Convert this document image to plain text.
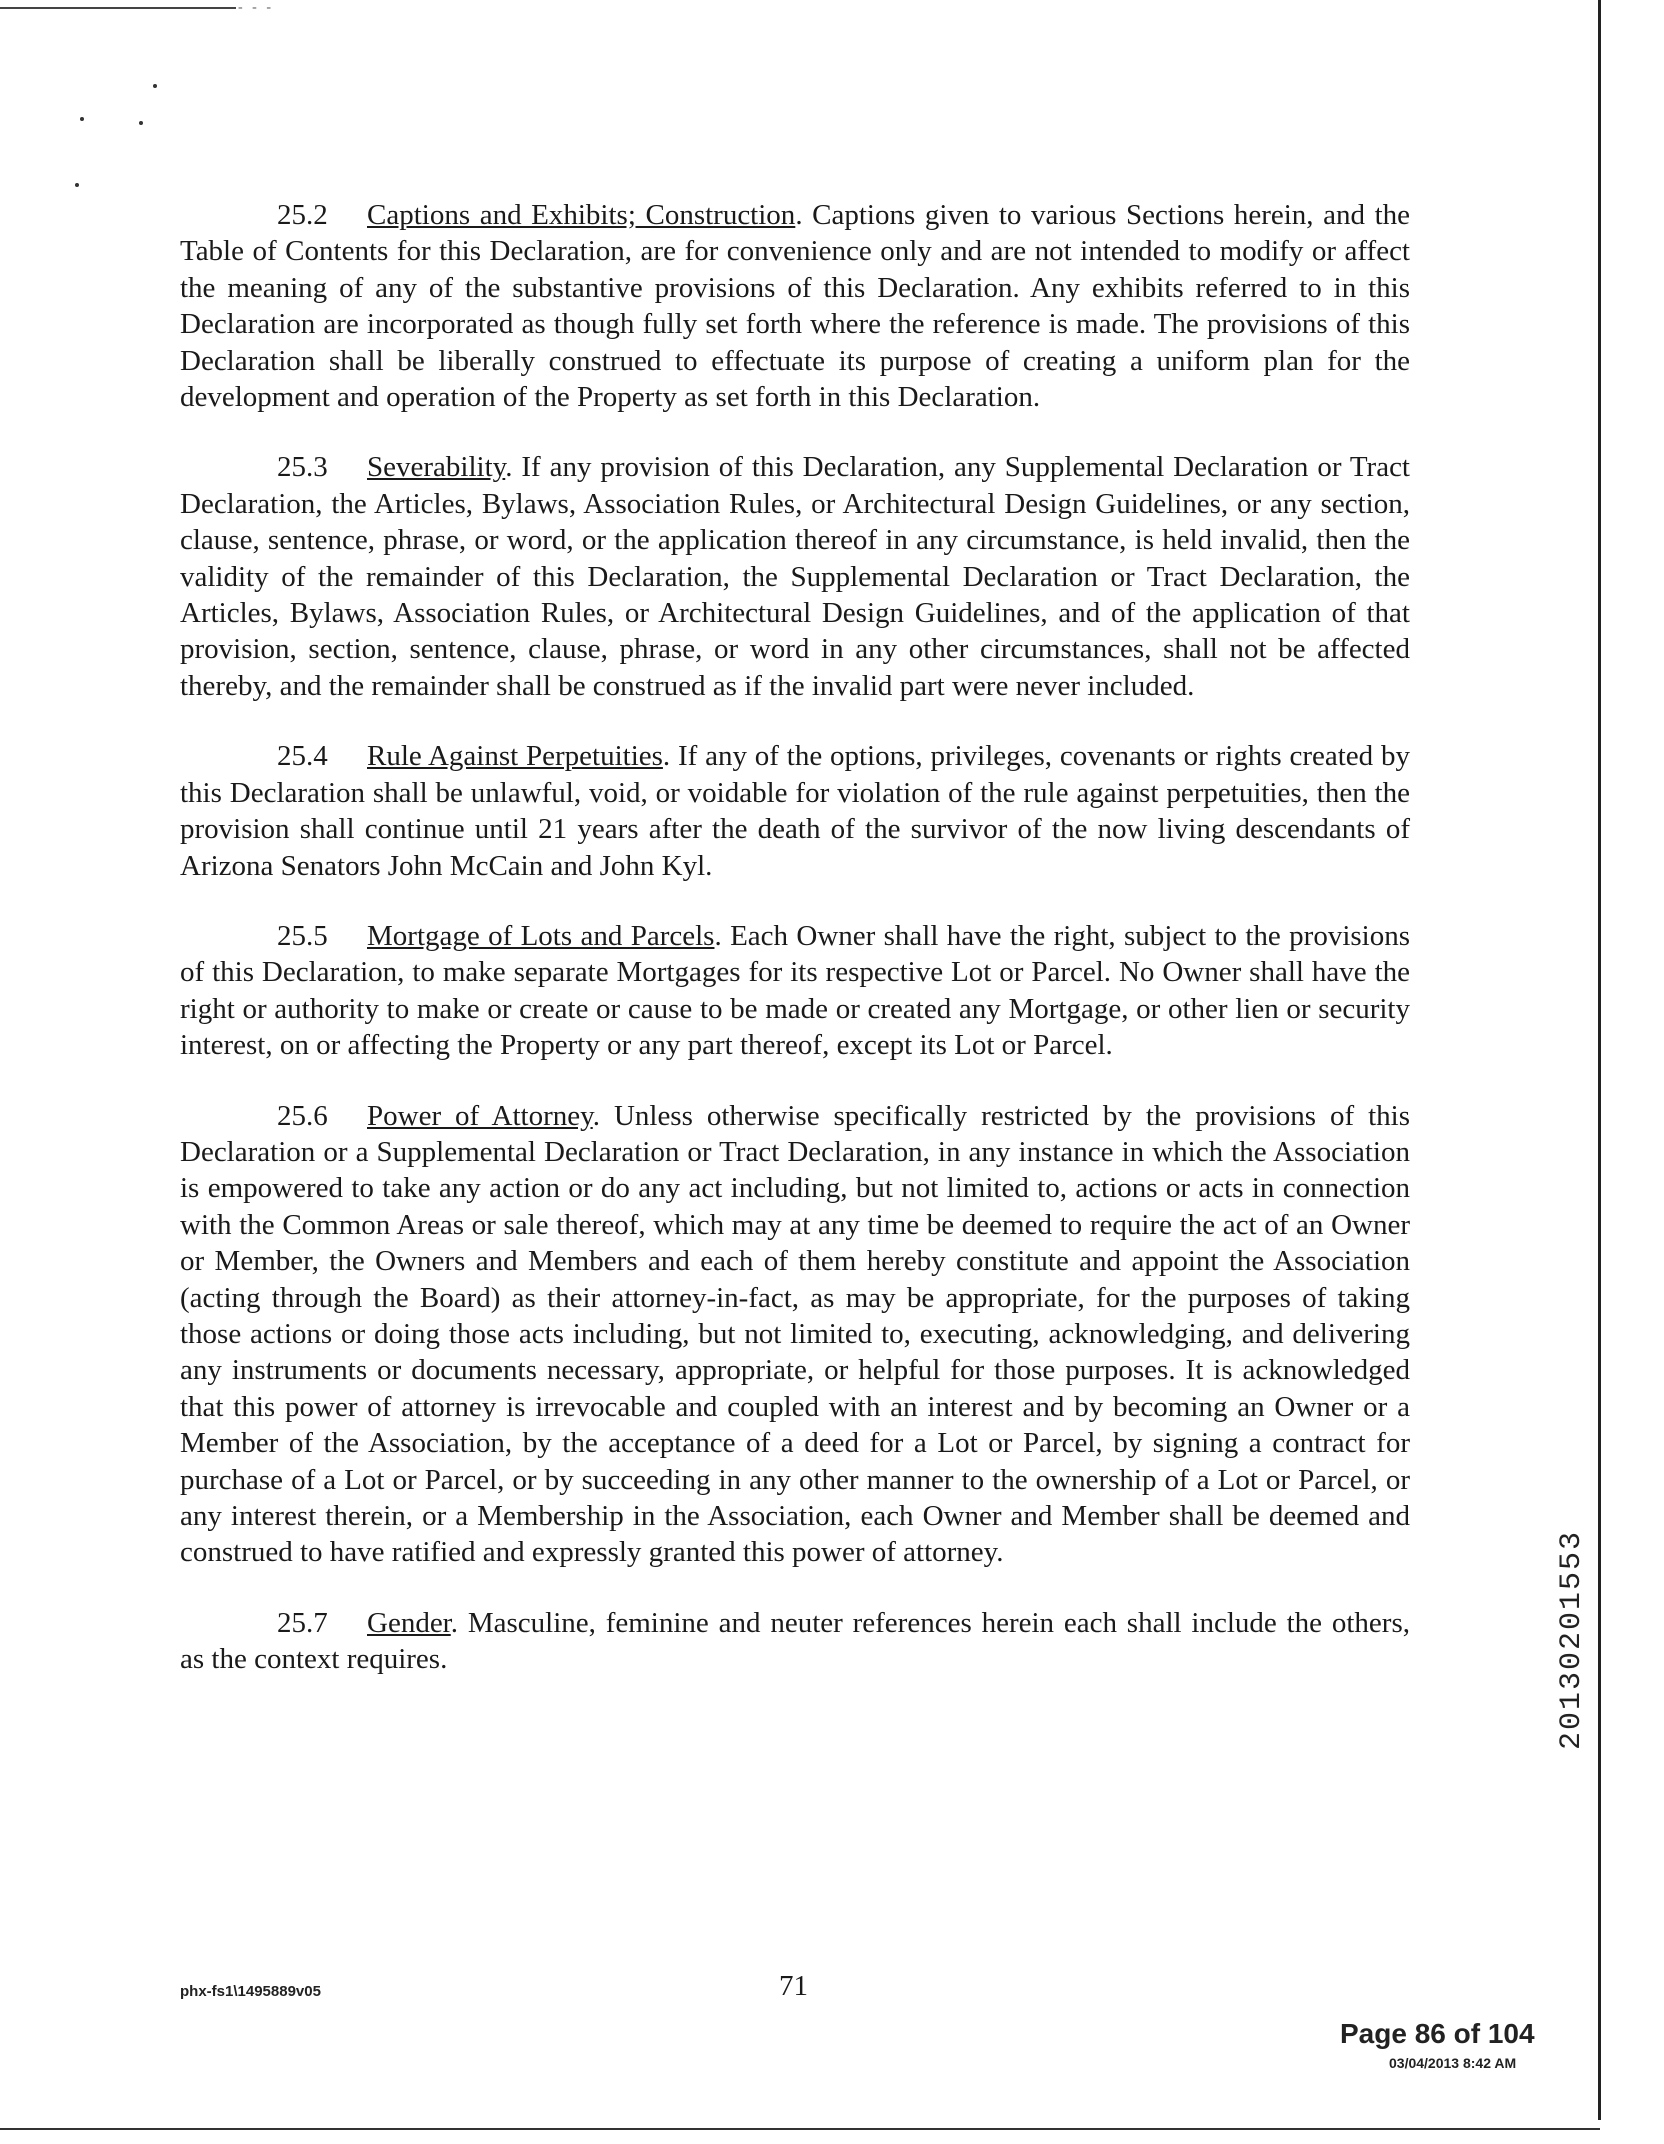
- - -

25.2 Captions and Exhibits; Construction. Captions given to various Sections herein, and the Table of Contents for this Declaration, are for convenience only and are not intended to modify or affect the meaning of any of the substantive provisions of this Declaration. Any exhibits referred to in this Declaration are incorporated as though fully set forth where the reference is made. The provisions of this Declaration shall be liberally construed to effectuate its purpose of creating a uniform plan for the development and operation of the Property as set forth in this Declaration.

25.3 Severability. If any provision of this Declaration, any Supplemental Declaration or Tract Declaration, the Articles, Bylaws, Association Rules, or Architectural Design Guidelines, or any section, clause, sentence, phrase, or word, or the application thereof in any circumstance, is held invalid, then the validity of the remainder of this Declaration, the Supplemental Declaration or Tract Declaration, the Articles, Bylaws, Association Rules, or Architectural Design Guidelines, and of the application of that provision, section, sentence, clause, phrase, or word in any other circumstances, shall not be affected thereby, and the remainder shall be construed as if the invalid part were never included.

25.4 Rule Against Perpetuities. If any of the options, privileges, covenants or rights created by this Declaration shall be unlawful, void, or voidable for violation of the rule against perpetuities, then the provision shall continue until 21 years after the death of the survivor of the now living descendants of Arizona Senators John McCain and John Kyl.

25.5 Mortgage of Lots and Parcels. Each Owner shall have the right, subject to the provisions of this Declaration, to make separate Mortgages for its respective Lot or Parcel. No Owner shall have the right or authority to make or create or cause to be made or created any Mortgage, or other lien or security interest, on or affecting the Property or any part thereof, except its Lot or Parcel.

25.6 Power of Attorney. Unless otherwise specifically restricted by the provisions of this Declaration or a Supplemental Declaration or Tract Declaration, in any instance in which the Association is empowered to take any action or do any act including, but not limited to, actions or acts in connection with the Common Areas or sale thereof, which may at any time be deemed to require the act of an Owner or Member, the Owners and Members and each of them hereby constitute and appoint the Association (acting through the Board) as their attorney-in-fact, as may be appropriate, for the purposes of taking those actions or doing those acts including, but not limited to, executing, acknowledging, and delivering any instruments or documents necessary, appropriate, or helpful for those purposes. It is acknowledged that this power of attorney is irrevocable and coupled with an interest and by becoming an Owner or a Member of the Association, by the acceptance of a deed for a Lot or Parcel, by signing a contract for purchase of a Lot or Parcel, or by succeeding in any other manner to the ownership of a Lot or Parcel, or any interest therein, or a Membership in the Association, each Owner and Member shall be deemed and construed to have ratified and expressly granted this power of attorney.

25.7 Gender. Masculine, feminine and neuter references herein each shall include the others, as the context requires.	20130201553
phx-fs1\1495889v05	71
Page 86 of 104
03/04/2013 8:42 AM
